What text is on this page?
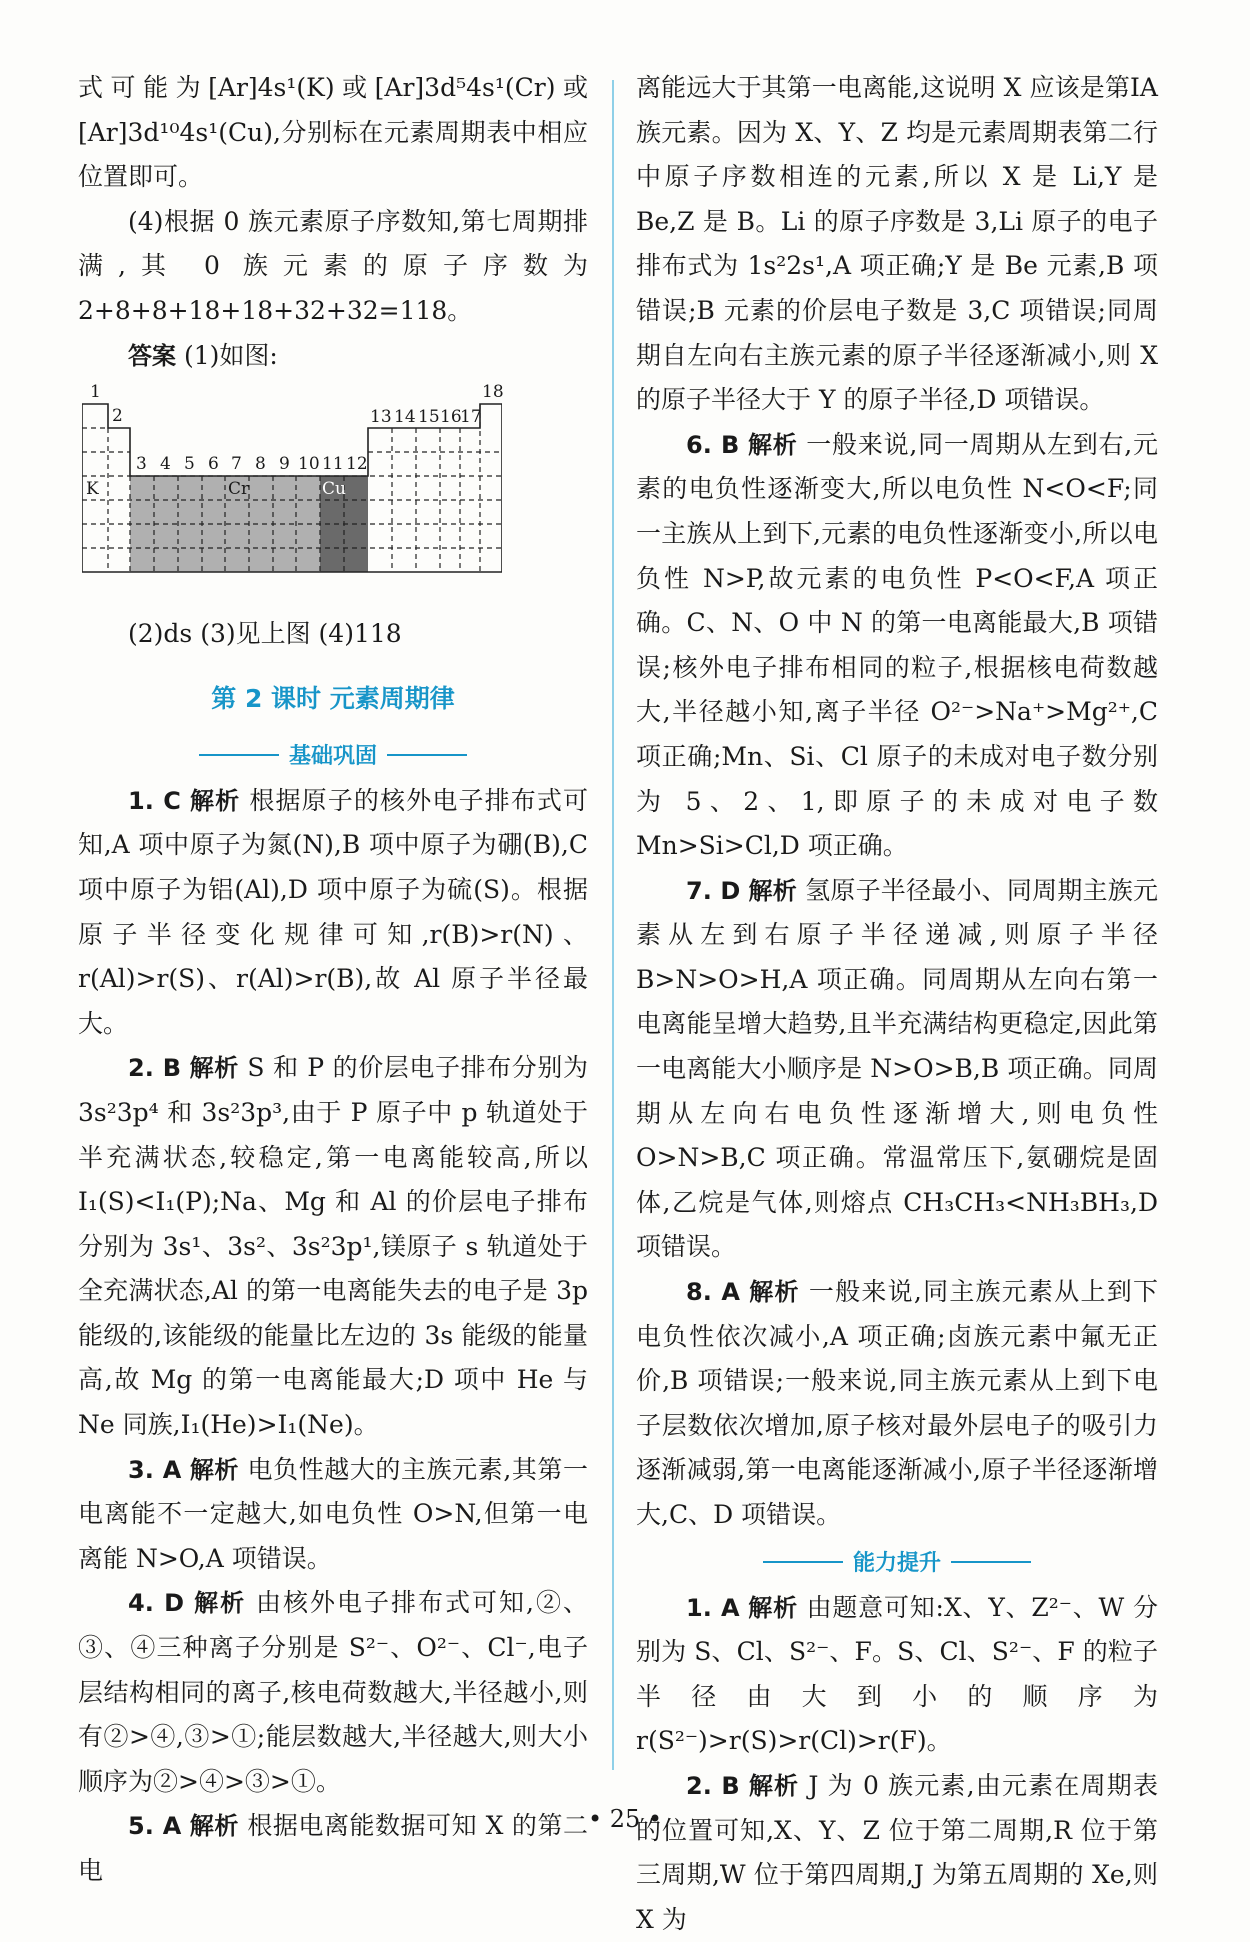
式可能为[Ar]4s¹(K)或[Ar]3d⁵4s¹(Cr)或[Ar]3d¹⁰4s¹(Cu),分别标在元素周期表中相应位置即可。

(4)根据 0 族元素原子序数知,第七周期排满,其 0 族元素的原子序数为 2+8+8+18+18+32+32=118。

答案 (1)如图:

1
2
3 4 5 6 7 8 9 10 11 12
13 14 15 16
17
18
K	Cr	Cu

(2)ds (3)见上图 (4)118

第 2 课时 元素周期律
基础巩固

1. C 解析 根据原子的核外电子排布式可知,A 项中原子为氮(N),B 项中原子为硼(B),C 项中原子为铝(Al),D 项中原子为硫(S)。根据原子半径变化规律可知,r(B)>r(N)、r(Al)>r(S)、r(Al)>r(B),故 Al 原子半径最大。

2. B 解析 S 和 P 的价层电子排布分别为 3s²3p⁴ 和 3s²3p³,由于 P 原子中 p 轨道处于半充满状态,较稳定,第一电离能较高,所以 I₁(S)<I₁(P);Na、Mg 和 Al 的价层电子排布分别为 3s¹、3s²、3s²3p¹,镁原子 s 轨道处于全充满状态,Al 的第一电离能失去的电子是 3p 能级的,该能级的能量比左边的 3s 能级的能量高,故 Mg 的第一电离能最大;D 项中 He 与 Ne 同族,I₁(He)>I₁(Ne)。

3. A 解析 电负性越大的主族元素,其第一电离能不一定越大,如电负性 O>N,但第一电离能 N>O,A 项错误。

4. D 解析 由核外电子排布式可知,②、③、④三种离子分别是 S²⁻、O²⁻、Cl⁻,电子层结构相同的离子,核电荷数越大,半径越小,则有②>④,③>①;能层数越大,半径越大,则大小顺序为②>④>③>①。

5. A 解析 根据电离能数据可知 X 的第二电

离能远大于其第一电离能,这说明 X 应该是第ⅠA 族元素。因为 X、Y、Z 均是元素周期表第二行中原子序数相连的元素,所以 X 是 Li,Y 是 Be,Z 是 B。Li 的原子序数是 3,Li 原子的电子排布式为 1s²2s¹,A 项正确;Y 是 Be 元素,B 项错误;B 元素的价层电子数是 3,C 项错误;同周期自左向右主族元素的原子半径逐渐减小,则 X 的原子半径大于 Y 的原子半径,D 项错误。

6. B 解析 一般来说,同一周期从左到右,元素的电负性逐渐变大,所以电负性 N<O<F;同一主族从上到下,元素的电负性逐渐变小,所以电负性 N>P,故元素的电负性 P<O<F,A 项正确。C、N、O 中 N 的第一电离能最大,B 项错误;核外电子排布相同的粒子,根据核电荷数越大,半径越小知,离子半径 O²⁻>Na⁺>Mg²⁺,C 项正确;Mn、Si、Cl 原子的未成对电子数分别为 5、2、1,即原子的未成对电子数 Mn>Si>Cl,D 项正确。

7. D 解析 氢原子半径最小、同周期主族元素从左到右原子半径递减,则原子半径 B>N>O>H,A 项正确。同周期从左向右第一电离能呈增大趋势,且半充满结构更稳定,因此第一电离能大小顺序是 N>O>B,B 项正确。同周期从左向右电负性逐渐增大,则电负性 O>N>B,C 项正确。常温常压下,氨硼烷是固体,乙烷是气体,则熔点 CH₃CH₃<NH₃BH₃,D 项错误。

8. A 解析 一般来说,同主族元素从上到下电负性依次减小,A 项正确;卤族元素中氟无正价,B 项错误;一般来说,同主族元素从上到下电子层数依次增加,原子核对最外层电子的吸引力逐渐减弱,第一电离能逐渐减小,原子半径逐渐增大,C、D 项错误。

能力提升

1. A 解析 由题意可知:X、Y、Z²⁻、W 分别为 S、Cl、S²⁻、F。S、Cl、S²⁻、F 的粒子半径由大到小的顺序为 r(S²⁻)>r(S)>r(Cl)>r(F)。

2. B 解析 J 为 0 族元素,由元素在周期表的位置可知,X、Y、Z 位于第二周期,R 位于第三周期,W 位于第四周期,J 为第五周期的 Xe,则 X 为

• 25 •
